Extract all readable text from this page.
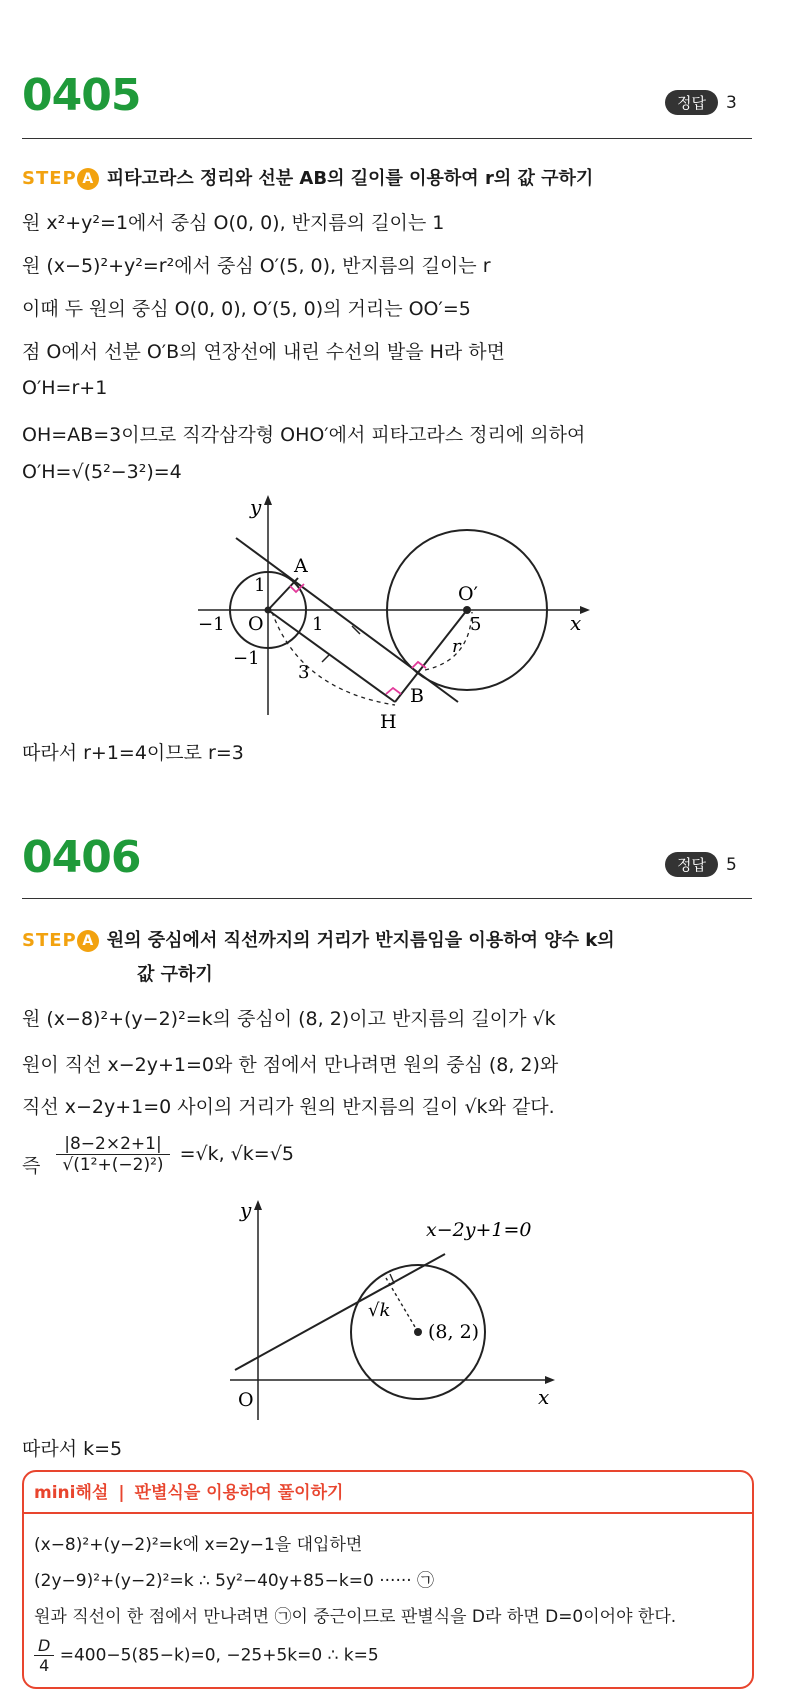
0405	정답 3
STEP A 피타고라스 정리와 선분 AB의 길이를 이용하여 r의 값 구하기
원 x²+y²=1에서 중심 O(0, 0), 반지름의 길이는 1
원 (x−5)²+y²=r²에서 중심 O′(5, 0), 반지름의 길이는 r
이때 두 원의 중심 O(0, 0), O′(5, 0)의 거리는 OO′=5
점 O에서 선분 O′B의 연장선에 내린 수선의 발을 H라 하면
O′H=r+1
OH=AB=3이므로 직각삼각형 OHO′에서 피타고라스 정리에 의하여
O′H=√(5²−3²)=4
y
x
A
O
O′
B
H
1
−1	1
−1
5
3
r
따라서 r+1=4이므로 r=3
0406	정답 5
STEP A 원의 중심에서 직선까지의 거리가 반지름임을 이용하여 양수 k의
값 구하기
원 (x−8)²+(y−2)²=k의 중심이 (8, 2)이고 반지름의 길이가 √k
원이 직선 x−2y+1=0와 한 점에서 만나려면 원의 중심 (8, 2)와
직선 x−2y+1=0 사이의 거리가 원의 반지름의 길이 √k와 같다.
즉 $\frac{|8-2\times 2+1|}{\text{√(1²+(−2)²)}} =√k$, √k=√5
y
x
O
x−2y+1=0
√k
(8, 2)
따라서 k=5
mini해설 | 판별식을 이용하여 풀이하기
(x−8)²+(y−2)²=k에 x=2y−1을 대입하면
(2y−9)²+(y−2)²=k ∴ 5y²−40y+85−k=0 ······ ㉠
원과 직선이 한 점에서 만나려면 ㉠이 중근이므로 판별식을 D라 하면 D=0이어야 한다.
$\frac{D}{4} =400-5(85-k)=0$, −25+5k=0 ∴ k=5
